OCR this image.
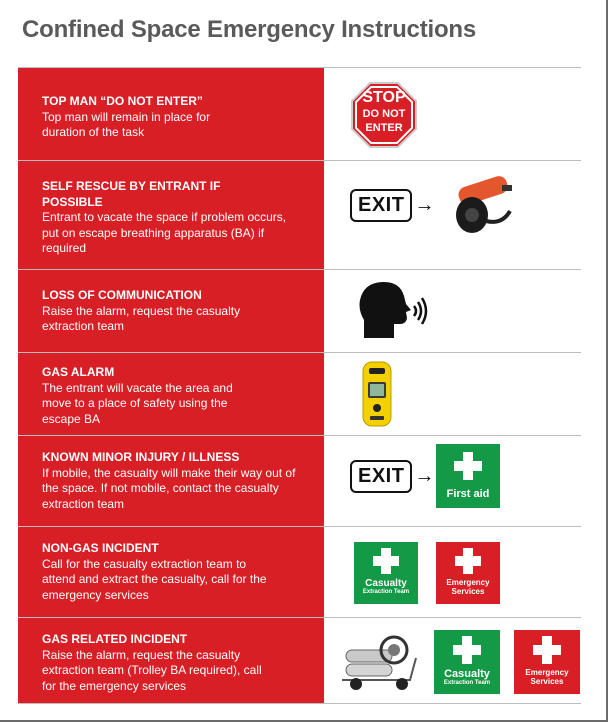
Confined Space Emergency Instructions
TOP MAN “DO NOT ENTER”
Top man will remain in place for duration of the task
STOP
DO NOT
ENTER
SELF RESCUE BY ENTRANT IF POSSIBLE
Entrant to vacate the space if problem occurs, put on escape breathing apparatus (BA) if required
EXIT →
LOSS OF COMMUNICATION
Raise the alarm, request the casualty extraction team
GAS ALARM
The entrant will vacate the area and move to a place of safety using the escape BA
KNOWN MINOR INJURY / ILLNESS
If mobile, the casualty will make their way out of the space. If not mobile, contact the casualty extraction team
EXIT →
First aid
NON-GAS INCIDENT
Call for the casualty extraction team to attend and extract the casualty, call for the emergency services
Casualty
Extraction Team
Emergency
Services
GAS RELATED INCIDENT
Raise the alarm, request the casualty extraction team (Trolley BA required), call for the emergency services
Casualty
Extraction Team
Emergency
Services
